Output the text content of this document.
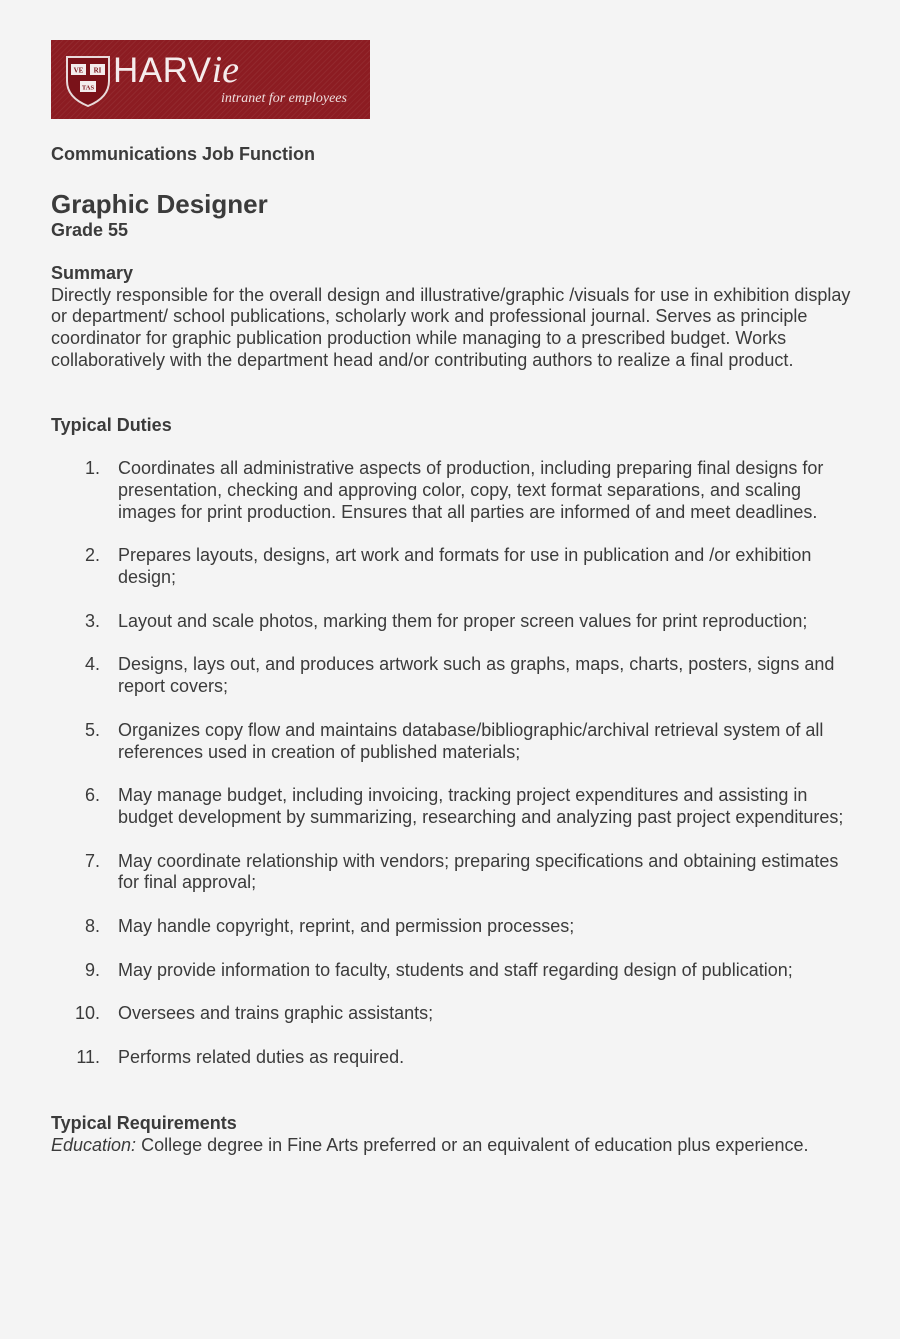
VE RI
TAS HARVie
intranet for employees
Communications Job Function
Graphic Designer
Grade 55
Summary
Directly responsible for the overall design and illustrative/graphic /visuals for use in exhibition display or department/ school publications, scholarly work and professional journal. Serves as principle coordinator for graphic publication production while managing to a prescribed budget. Works collaboratively with the department head and/or contributing authors to realize a final product.
Typical Duties
1. Coordinates all administrative aspects of production, including preparing final designs for presentation, checking and approving color, copy, text format separations, and scaling images for print production. Ensures that all parties are informed of and meet deadlines.
2. Prepares layouts, designs, art work and formats for use in publication and /or exhibition design;
3. Layout and scale photos, marking them for proper screen values for print reproduction;
4. Designs, lays out, and produces artwork such as graphs, maps, charts, posters, signs and report covers;
5. Organizes copy flow and maintains database/bibliographic/archival retrieval system of all references used in creation of published materials;
6. May manage budget, including invoicing, tracking project expenditures and assisting in budget development by summarizing, researching and analyzing past project expenditures;
7. May coordinate relationship with vendors; preparing specifications and obtaining estimates for final approval;
8. May handle copyright, reprint, and permission processes;
9. May provide information to faculty, students and staff regarding design of publication;
10. Oversees and trains graphic assistants;
11. Performs related duties as required.
Typical Requirements
Education: College degree in Fine Arts preferred or an equivalent of education plus experience.
